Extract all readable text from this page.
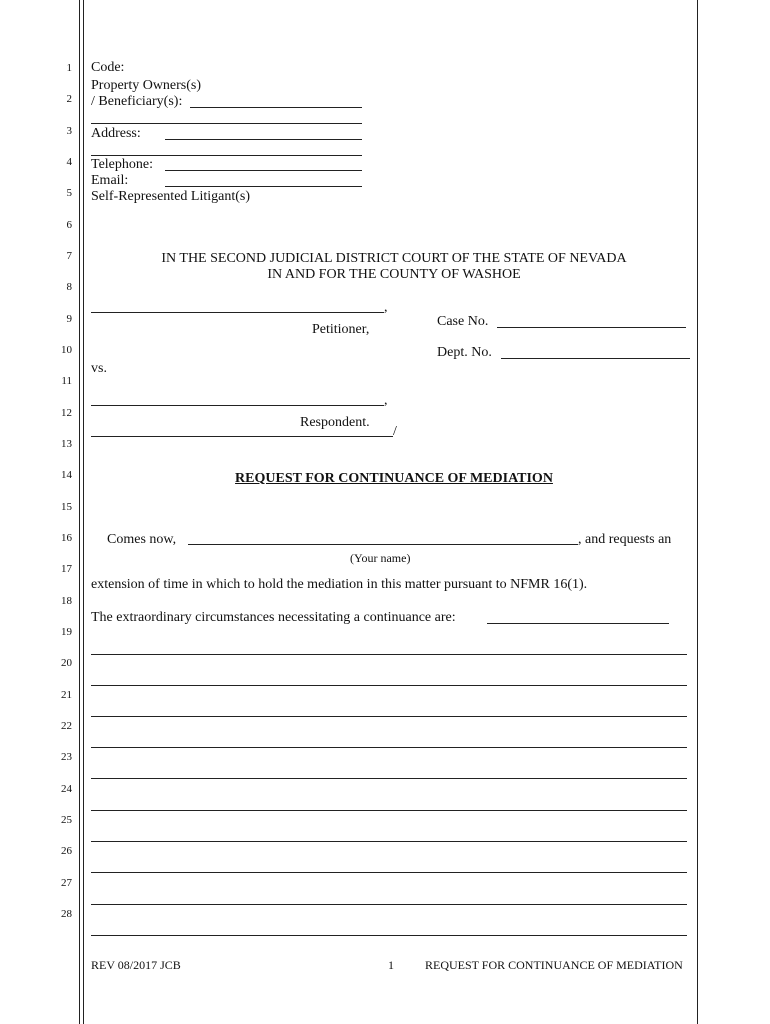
1
2
3
4
5
6
7
8
9
10
11
12
13
14
15
16
17
18
19
20
21
22
23
24
25
26
27
28
Code:
Property Owners(s)
/ Beneficiary(s):
Address:
Telephone:
Email:
Self-Represented Litigant(s)
IN THE SECOND JUDICIAL DISTRICT COURT OF THE STATE OF NEVADA
IN AND FOR THE COUNTY OF WASHOE
,
Petitioner,
Case No.
Dept. No.
vs.
,
Respondent.
/
REQUEST FOR CONTINUANCE OF MEDIATION
Comes now,	, and requests an
(Your name)
extension of time in which to hold the mediation in this matter pursuant to NFMR 16(1).
The extraordinary circumstances necessitating a continuance are:
REV 08/2017 JCB	1	REQUEST FOR CONTINUANCE OF MEDIATION
